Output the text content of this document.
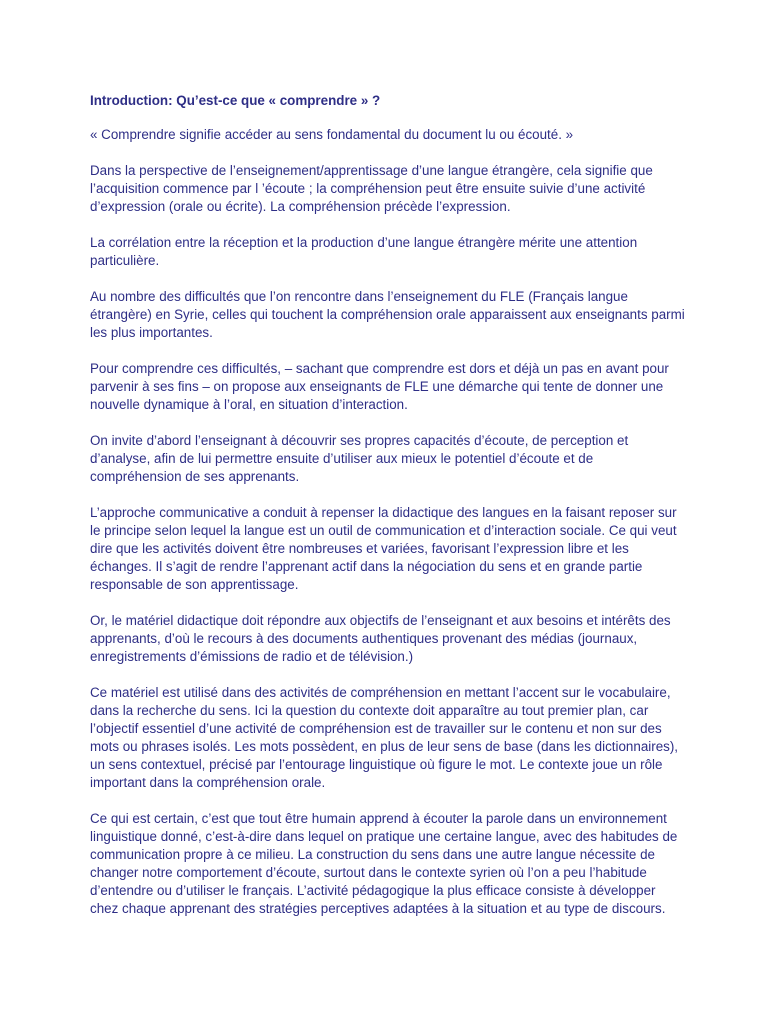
Introduction: Qu’est-ce que « comprendre » ?

« Comprendre signifie accéder au sens fondamental du document lu ou écouté. »

Dans la perspective de l’enseignement/apprentissage d’une langue étrangère, cela signifie que
l’acquisition commence par l ’écoute ; la compréhension peut être ensuite suivie d’une activité
d’expression (orale ou écrite). La compréhension précède l’expression.

La corrélation entre la réception et la production d’une langue étrangère mérite une attention
particulière.

Au nombre des difficultés que l’on rencontre dans l’enseignement du FLE (Français langue
étrangère) en Syrie, celles qui touchent la compréhension orale apparaissent aux enseignants parmi
les plus importantes.

Pour comprendre ces difficultés, – sachant que comprendre est dors et déjà un pas en avant pour
parvenir à ses fins – on propose aux enseignants de FLE une démarche qui tente de donner une
nouvelle dynamique à l’oral, en situation d’interaction.

On invite d’abord l’enseignant à découvrir ses propres capacités d’écoute, de perception et
d’analyse, afin de lui permettre ensuite d’utiliser aux mieux le potentiel d’écoute et de
compréhension de ses apprenants.

L’approche communicative a conduit à repenser la didactique des langues en la faisant reposer sur
le principe selon lequel la langue est un outil de communication et d’interaction sociale. Ce qui veut
dire que les activités doivent être nombreuses et variées, favorisant l’expression libre et les
échanges. Il s’agit de rendre l’apprenant actif dans la négociation du sens et en grande partie
responsable de son apprentissage.

Or, le matériel didactique doit répondre aux objectifs de l’enseignant et aux besoins et intérêts des
apprenants, d’où le recours à des documents authentiques provenant des médias (journaux,
enregistrements d’émissions de radio et de télévision.)

Ce matériel est utilisé dans des activités de compréhension en mettant l’accent sur le vocabulaire,
dans la recherche du sens. Ici la question du contexte doit apparaître au tout premier plan, car
l’objectif essentiel d’une activité de compréhension est de travailler sur le contenu et non sur des
mots ou phrases isolés. Les mots possèdent, en plus de leur sens de base (dans les dictionnaires),
un sens contextuel, précisé par l’entourage linguistique où figure le mot. Le contexte joue un rôle
important dans la compréhension orale.

Ce qui est certain, c’est que tout être humain apprend à écouter la parole dans un environnement
linguistique donné, c’est-à-dire dans lequel on pratique une certaine langue, avec des habitudes de
communication propre à ce milieu. La construction du sens dans une autre langue nécessite de
changer notre comportement d’écoute, surtout dans le contexte syrien où l’on a peu l’habitude
d’entendre ou d’utiliser le français. L’activité pédagogique la plus efficace consiste à développer
chez chaque apprenant des stratégies perceptives adaptées à la situation et au type de discours.
